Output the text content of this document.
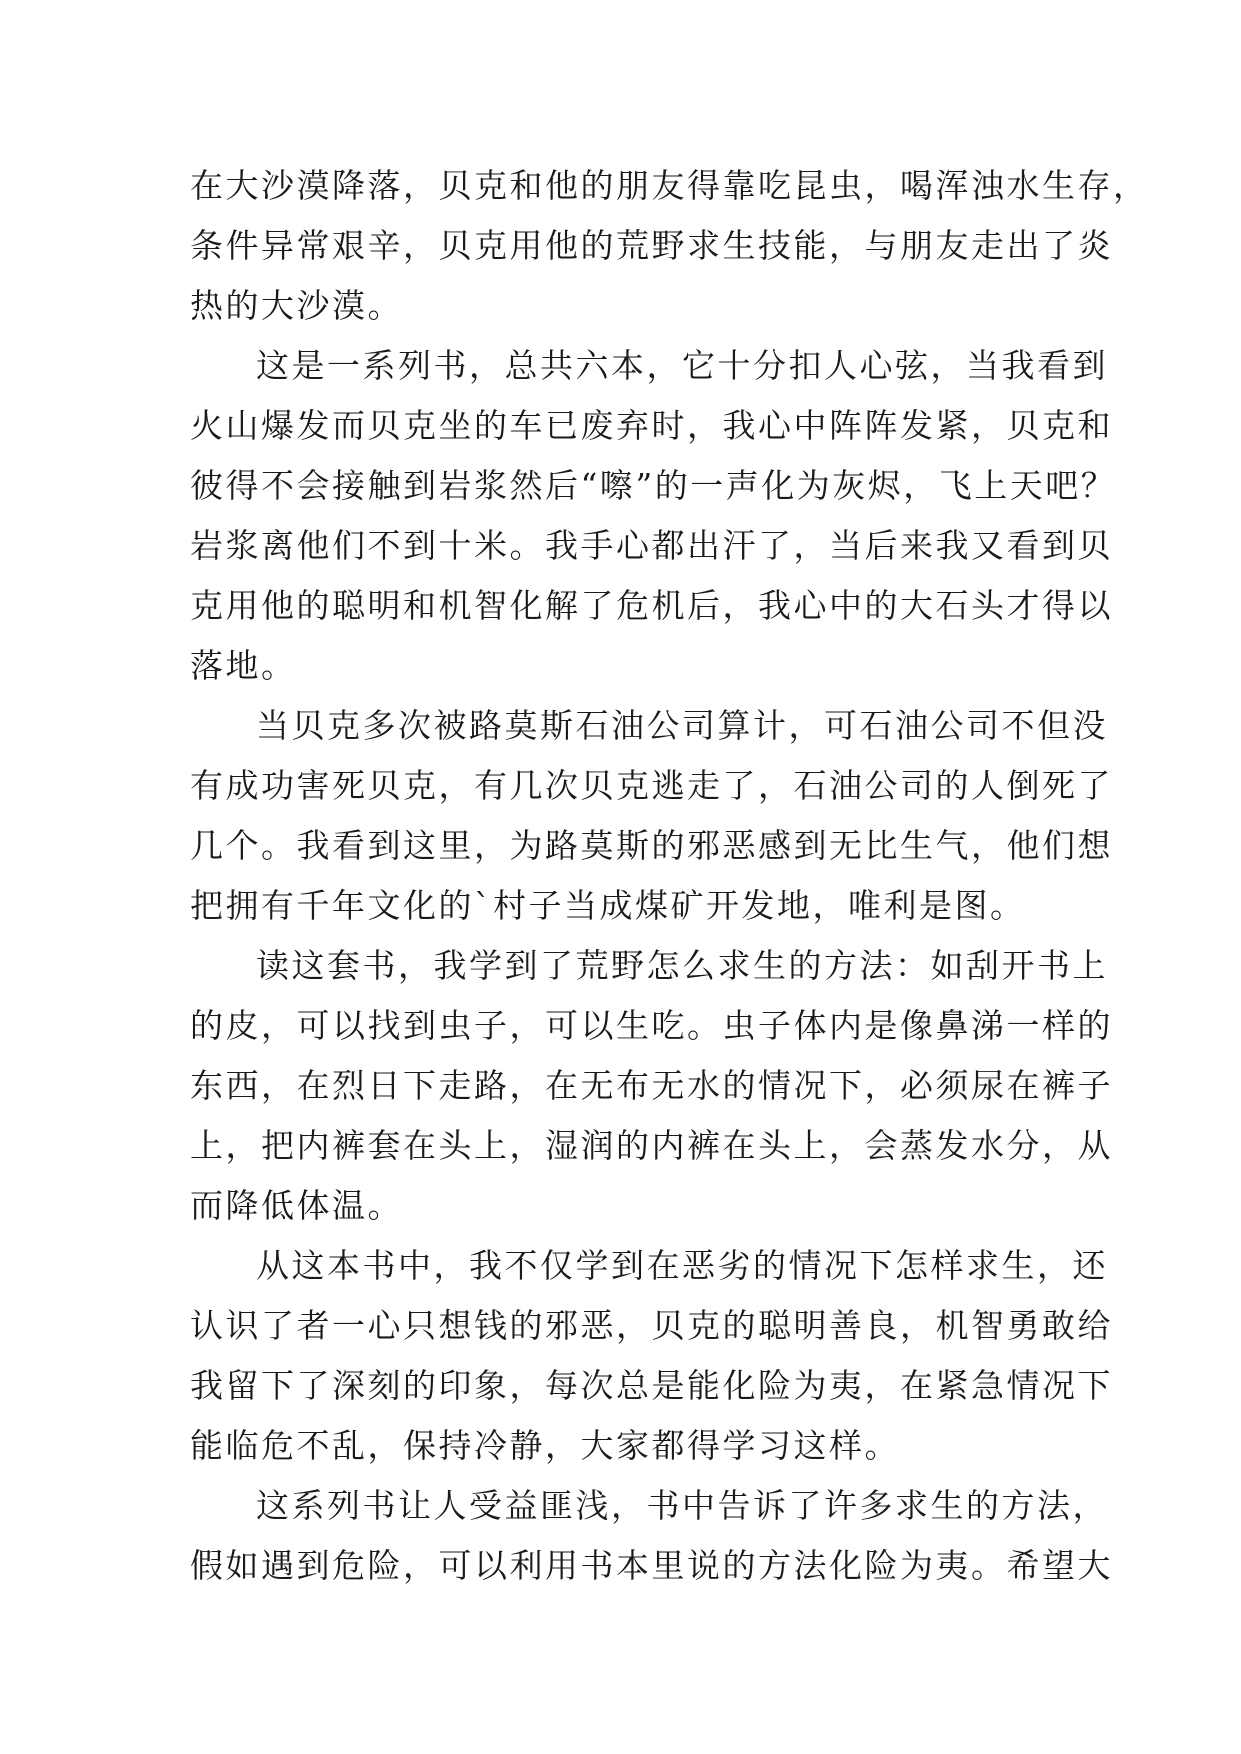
在大沙漠降落，贝克和他的朋友得靠吃昆虫，喝浑浊水生存，
条件异常艰辛，贝克用他的荒野求生技能，与朋友走出了炎
热的大沙漠。
这是一系列书，总共六本，它十分扣人心弦，当我看到
火山爆发而贝克坐的车已废弃时，我心中阵阵发紧，贝克和
彼得不会接触到岩浆然后“嚓”的一声化为灰烬，飞上天吧？
岩浆离他们不到十米。我手心都出汗了，当后来我又看到贝
克用他的聪明和机智化解了危机后，我心中的大石头才得以
落地。
当贝克多次被路莫斯石油公司算计，可石油公司不但没
有成功害死贝克，有几次贝克逃走了，石油公司的人倒死了
几个。我看到这里，为路莫斯的邪恶感到无比生气，他们想
把拥有千年文化的`村子当成煤矿开发地，唯利是图。
读这套书，我学到了荒野怎么求生的方法：如刮开书上
的皮，可以找到虫子，可以生吃。虫子体内是像鼻涕一样的
东西，在烈日下走路，在无布无水的情况下，必须尿在裤子
上，把内裤套在头上，湿润的内裤在头上，会蒸发水分，从
而降低体温。
从这本书中，我不仅学到在恶劣的情况下怎样求生，还
认识了者一心只想钱的邪恶，贝克的聪明善良，机智勇敢给
我留下了深刻的印象，每次总是能化险为夷，在紧急情况下
能临危不乱，保持冷静，大家都得学习这样。
这系列书让人受益匪浅，书中告诉了许多求生的方法，
假如遇到危险，可以利用书本里说的方法化险为夷。希望大
